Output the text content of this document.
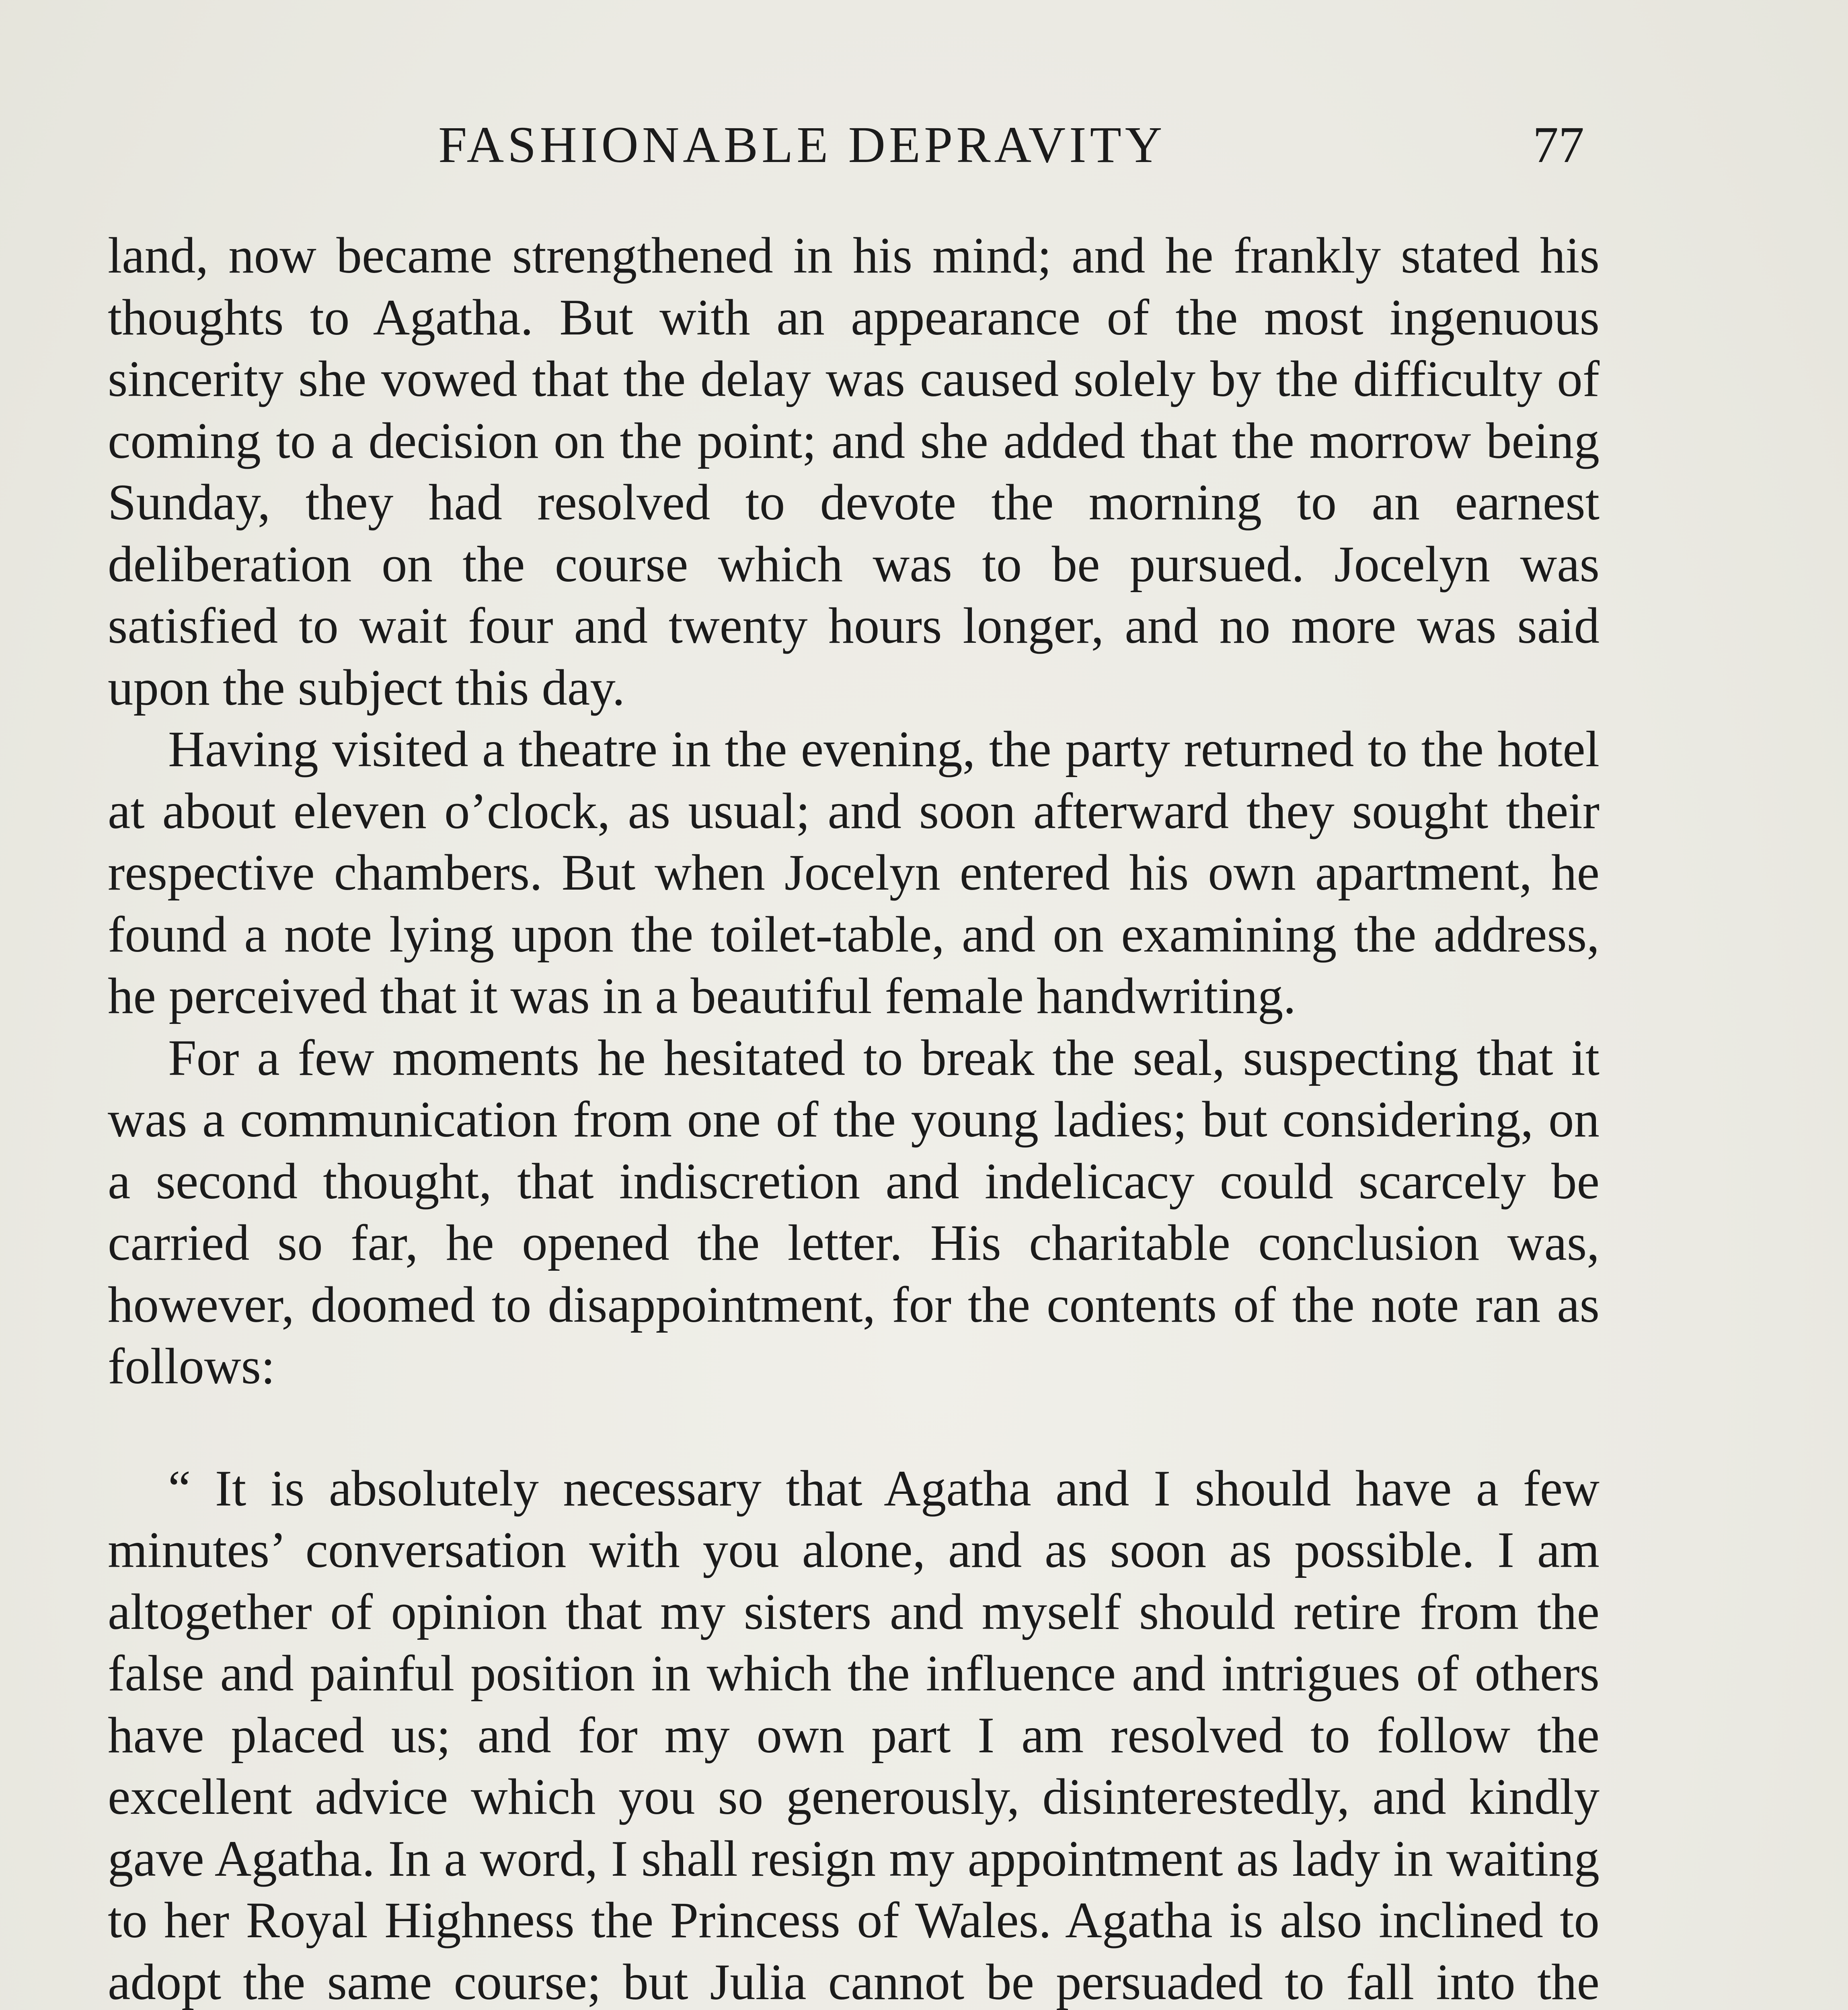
FASHIONABLE DEPRAVITY	77

land, now became strengthened in his mind; and he frankly stated his thoughts to Agatha. But with an appearance of the most ingenuous sincerity she vowed that the delay was caused solely by the difficulty of coming to a decision on the point; and she added that the morrow being Sunday, they had resolved to devote the morning to an earnest deliberation on the course which was to be pursued. Jocelyn was satisfied to wait four and twenty hours longer, and no more was said upon the subject this day.

Having visited a theatre in the evening, the party returned to the hotel at about eleven o’clock, as usual; and soon afterward they sought their respective chambers. But when Jocelyn entered his own apartment, he found a note lying upon the toilet-table, and on examining the address, he perceived that it was in a beautiful female handwriting.

For a few moments he hesitated to break the seal, suspecting that it was a communication from one of the young ladies; but considering, on a second thought, that indiscretion and indelicacy could scarcely be carried so far, he opened the letter. His charitable conclusion was, however, doomed to disappointment, for the contents of the note ran as follows:

“ It is absolutely necessary that Agatha and I should have a few minutes’ conversation with you alone, and as soon as possible. I am altogether of opinion that my sisters and myself should retire from the false and painful position in which the influence and intrigues of others have placed us; and for my own part I am resolved to follow the excellent advice which you so generously, disinterestedly, and kindly gave Agatha. In a word, I shall resign my appointment as lady in waiting to her Royal Highness the Princess of Wales. Agatha is also inclined to adopt the same course; but Julia cannot be persuaded to fall into the
